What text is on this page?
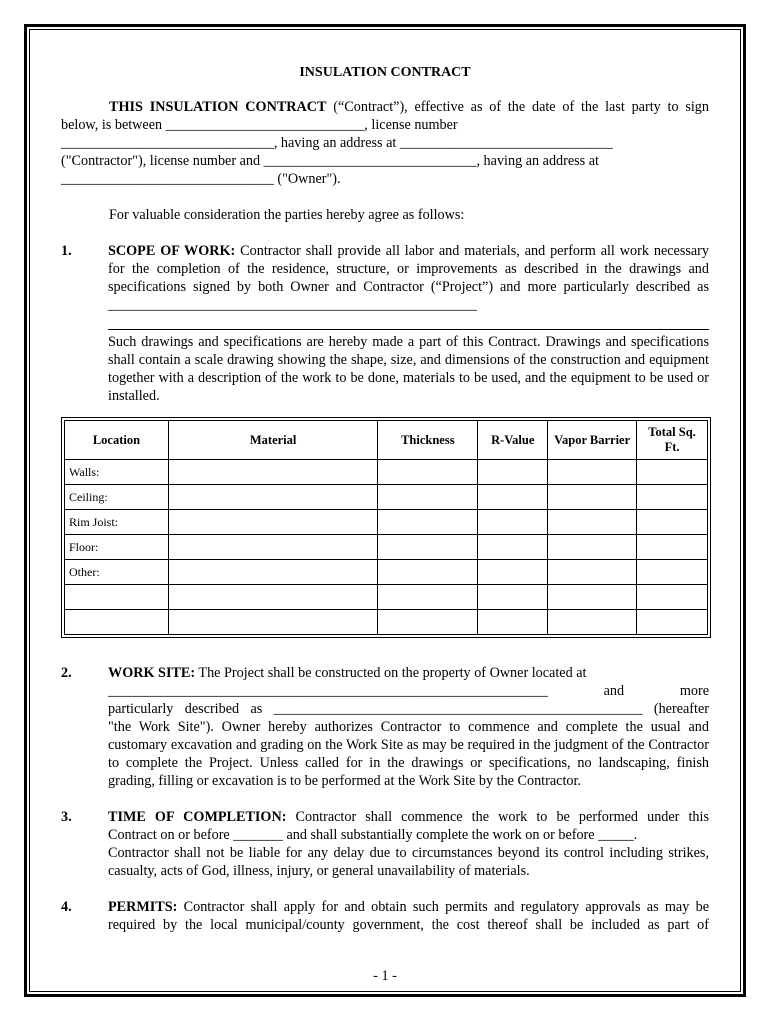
INSULATION CONTRACT

THIS INSULATION CONTRACT (“Contract”), effective as of the date of the last party to sign

below, is between ____________________________, license number

______________________________, having an address at ______________________________

("Contractor"), license number and ______________________________, having an address at

______________________________ ("Owner").

For valuable consideration the parties hereby agree as follows:

1.	SCOPE OF WORK: Contractor shall provide all labor and materials, and perform all work necessary for the completion of the residence, structure, or improvements as described in the drawings and specifications signed by both Owner and Contractor (“Project”) and more particularly described as ____________________________________________________

Such drawings and specifications are hereby made a part of this Contract. Drawings and specifications shall contain a scale drawing showing the shape, size, and dimensions of the construction and equipment together with a description of the work to be done, materials to be used, and the equipment to be used or installed.

Location	Material	Thickness	R-Value	Vapor Barrier	Total Sq. Ft.
Walls:					
Ceiling:					
Rim Joist:					
Floor:					
Other:					

2.	WORK SITE: The Project shall be constructed on the property of Owner located at

______________________________________________________________ and more

particularly described as ____________________________________________________ (hereafter

"the Work Site"). Owner hereby authorizes Contractor to commence and complete the usual and customary excavation and grading on the Work Site as may be required in the judgment of the Contractor to complete the Project. Unless called for in the drawings or specifications, no landscaping, finish grading, filling or excavation is to be performed at the Work Site by the Contractor.

3.	TIME OF COMPLETION: Contractor shall commence the work to be performed under this

Contract on or before _______ and shall substantially complete the work on or before _____.

Contractor shall not be liable for any delay due to circumstances beyond its control including strikes, casualty, acts of God, illness, injury, or general unavailability of materials.

4.	PERMITS: Contractor shall apply for and obtain such permits and regulatory approvals as may be required by the local municipal/county government, the cost thereof shall be included as part of

- 1 -
